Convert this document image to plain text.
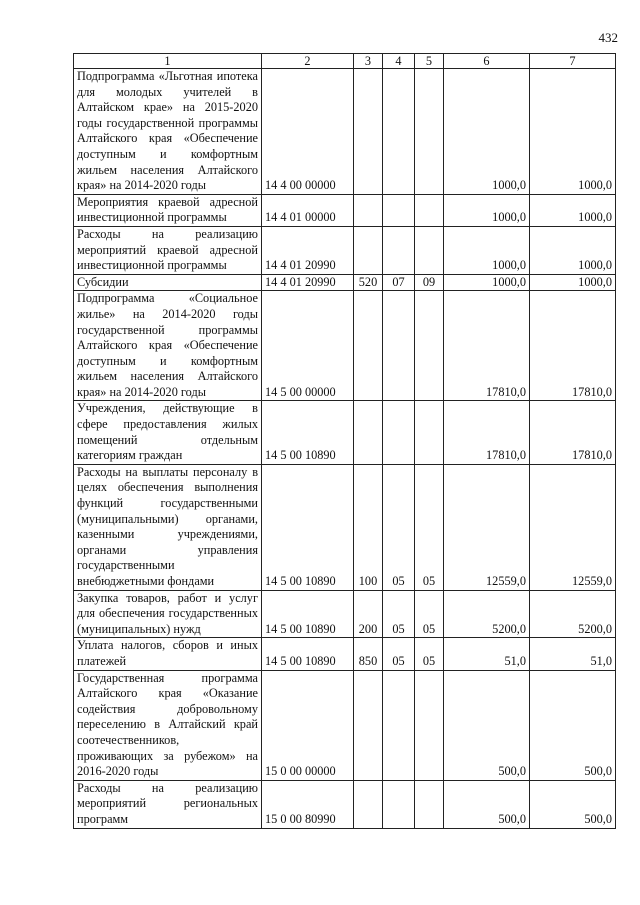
432
1	2	3	4	5	6	7
Подпрограмма «Льготная ипотека для молодых учителей в Алтайском крае» на 2015-2020 годы государственной программы Алтайского края «Обеспечение доступным и комфортным жильем населения Алтайского края» на 2014-2020 годы	14 4 00 00000				1000,0	1000,0
Мероприятия краевой адресной инвестиционной программы	14 4 01 00000				1000,0	1000,0
Расходы на реализацию мероприятий краевой адресной инвестиционной программы	14 4 01 20990				1000,0	1000,0
Субсидии	14 4 01 20990	520	07	09	1000,0	1000,0
Подпрограмма «Социальное жилье» на 2014-2020 годы государственной программы Алтайского края «Обеспечение доступным и комфортным жильем населения Алтайского края» на 2014-2020 годы	14 5 00 00000				17810,0	17810,0
Учреждения, действующие в сфере предоставления жилых помещений отдельным категориям граждан	14 5 00 10890				17810,0	17810,0
Расходы на выплаты персоналу в целях обеспечения выполнения функций государственными (муниципальными) органами, казенными учреждениями, органами управления государственными внебюджетными фондами	14 5 00 10890	100	05	05	12559,0	12559,0
Закупка товаров, работ и услуг для обеспечения государственных (муниципальных) нужд	14 5 00 10890	200	05	05	5200,0	5200,0
Уплата налогов, сборов и иных платежей	14 5 00 10890	850	05	05	51,0	51,0
Государственная программа Алтайского края «Оказание содействия добровольному переселению в Алтайский край соотечественников, проживающих за рубежом» на 2016-2020 годы	15 0 00 00000				500,0	500,0
Расходы на реализацию мероприятий региональных программ	15 0 00 80990				500,0	500,0
